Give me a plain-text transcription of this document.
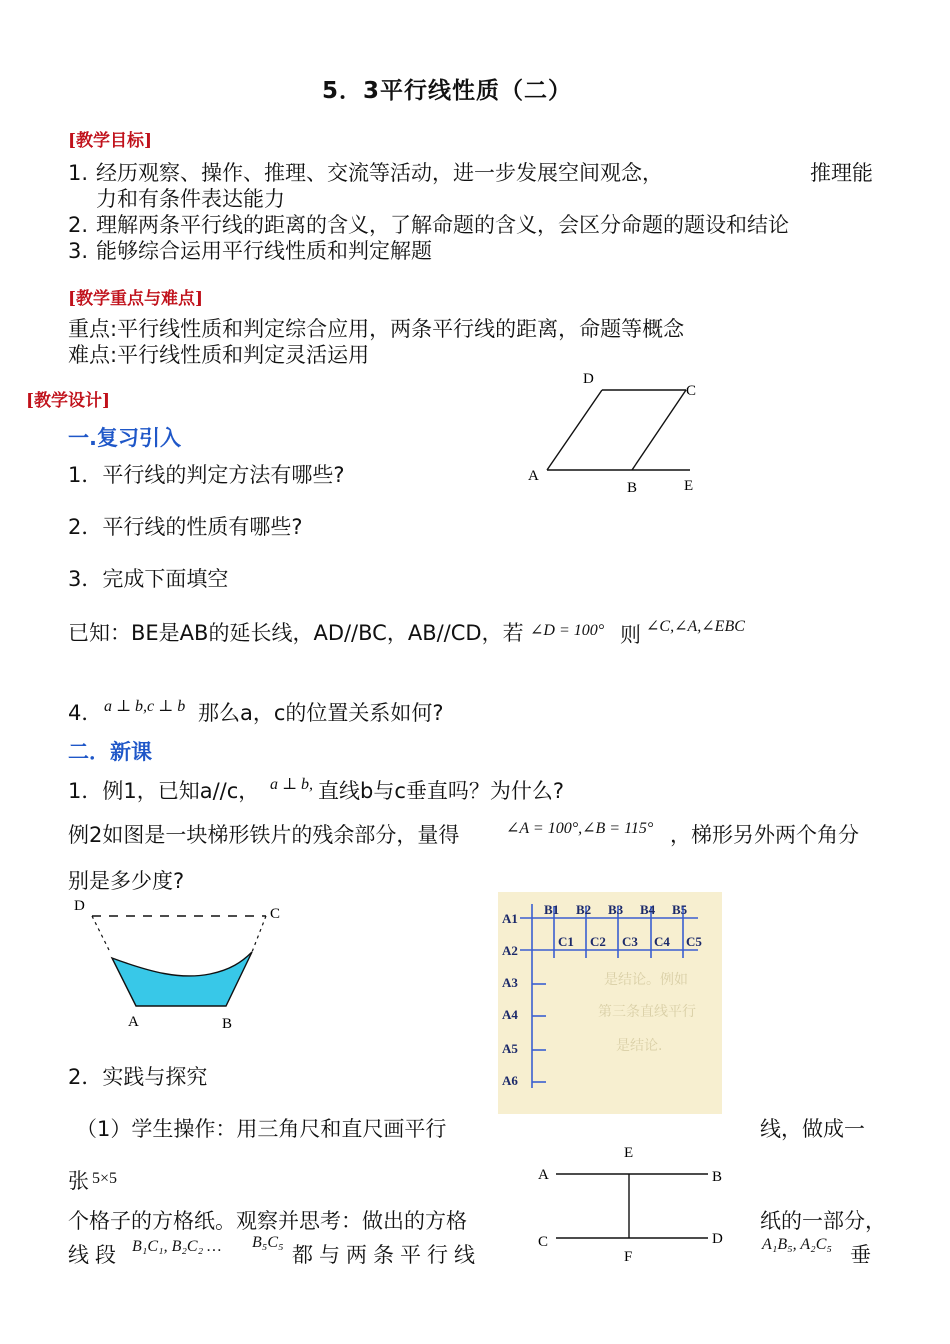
5．3平行线性质（二）
[教学目标]
1. 经历观察、操作、推理、交流等活动，进一步发展空间观念，	推理能
力和有条件表达能力
2. 理解两条平行线的距离的含义，了解命题的含义，会区分命题的题设和结论
3. 能够综合运用平行线性质和判定解题
[教学重点与难点]
重点:平行线性质和判定综合应用，两条平行线的距离，命题等概念
难点:平行线性质和判定灵活运用
[教学设计]
一.复习引入
1．平行线的判定方法有哪些?
2．平行线的性质有哪些?
3．完成下面填空
D
C
A
B	E
已知：BE是AB的延长线，AD//BC，AB//CD，若 ∠D = 100° 则 ∠C,∠A,∠EBC
4． a ⊥ b,c ⊥ b 那么a，c的位置关系如何?
二．新课
1．例1，已知a//c， a ⊥ b, 直线b与c垂直吗？为什么?
例2如图是一块梯形铁片的残余部分，量得	∠A = 100°,∠B = 115° ，梯形另外两个角分
别是多少度?
D	C
A	B
是结论。例如
第三条直线平行
是结论.
A1
A2
A3
A4
A5
A6
B1 B2 B3 B4 B5
C1 C2 C3 C4 C5
2．实践与探究
（1）学生操作：用三角尺和直尺画平行	线，做成一
张 5×5
个格子的方格纸。观察并思考：做出的方格	纸的一部分，
线段 B₁C₁, B₂C₂ … B₅C₅
都与两条平行线	A₁B₅, A₂C₅ 垂
E
A	B
C	D
F
